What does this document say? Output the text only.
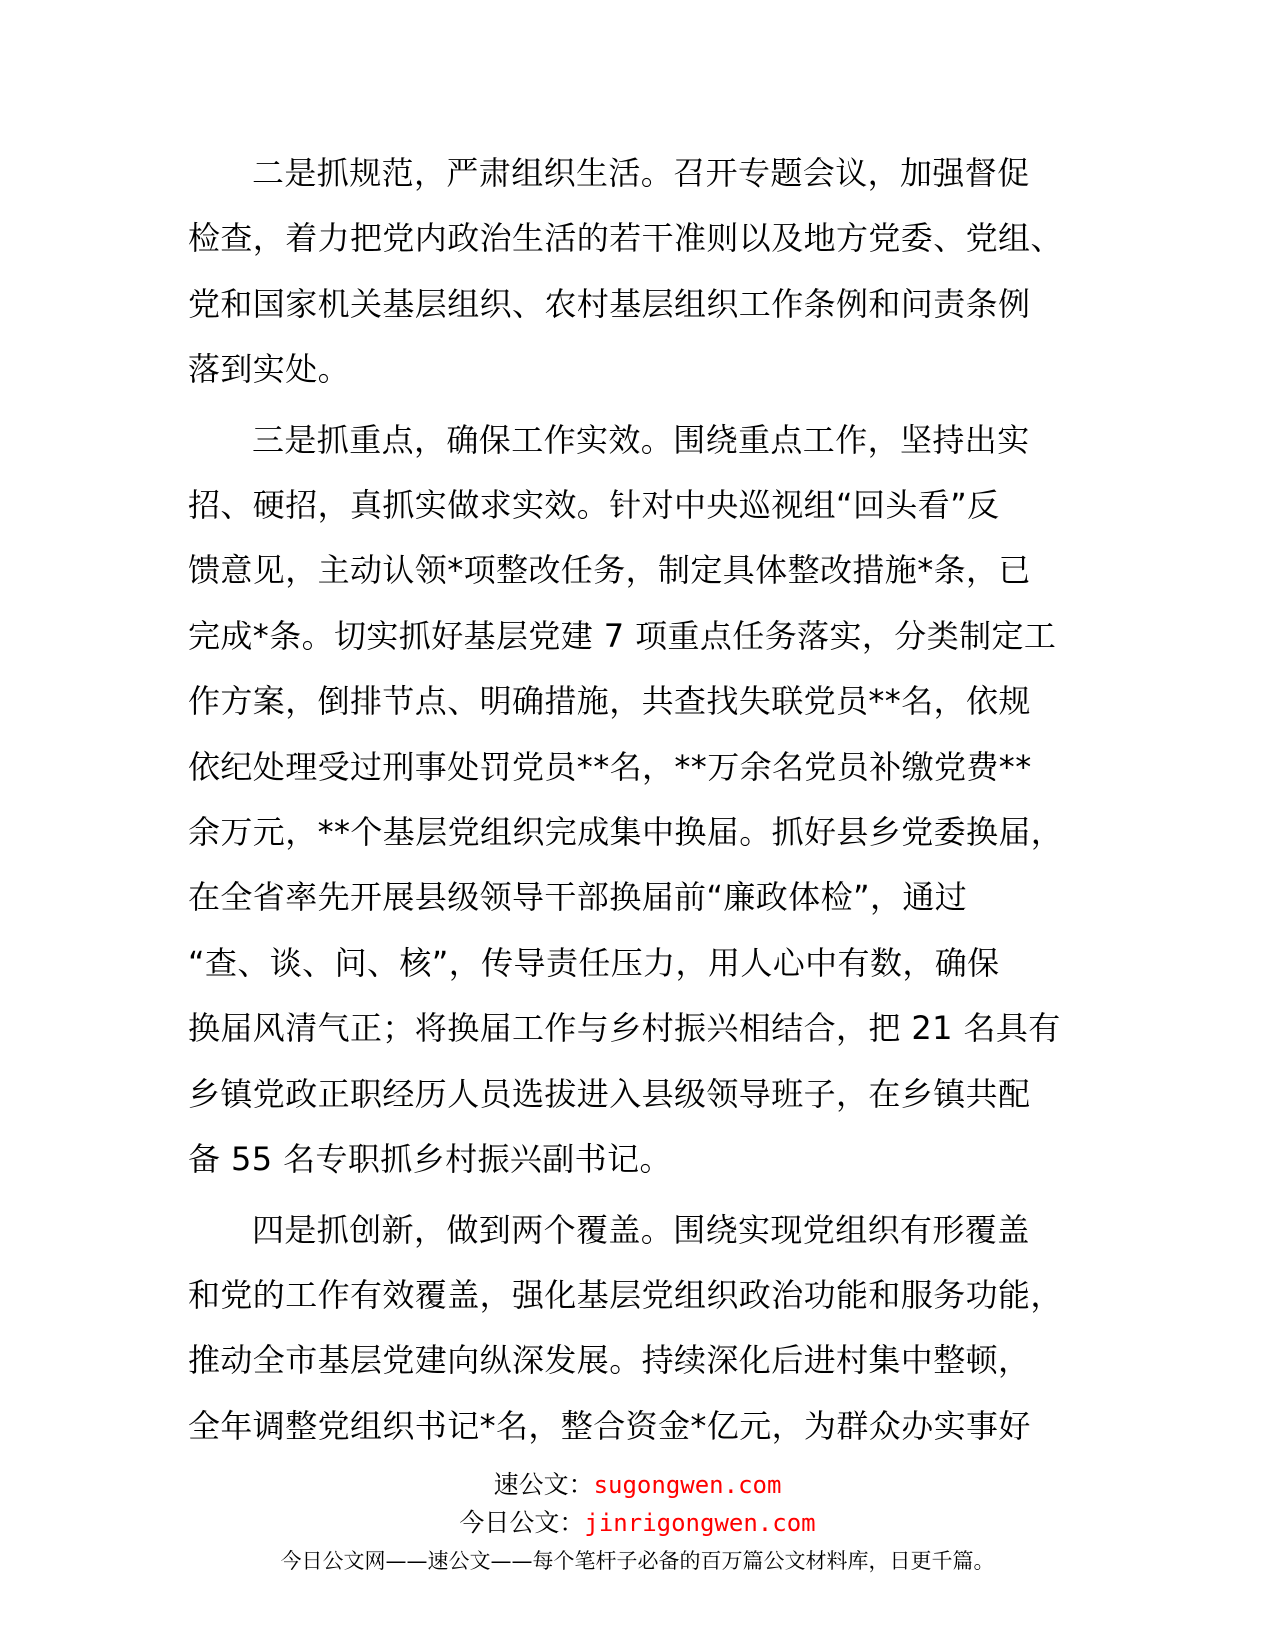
二是抓规范，严肃组织生活。召开专题会议，加强督促
检查，着力把党内政治生活的若干准则以及地方党委、党组、
党和国家机关基层组织、农村基层组织工作条例和问责条例
落到实处。

三是抓重点，确保工作实效。围绕重点工作，坚持出实
招、硬招，真抓实做求实效。针对中央巡视组“回头看”反
馈意见，主动认领*项整改任务，制定具体整改措施*条，已
完成*条。切实抓好基层党建 7 项重点任务落实，分类制定工
作方案，倒排节点、明确措施，共查找失联党员**名，依规
依纪处理受过刑事处罚党员**名，**万余名党员补缴党费**
余万元，**个基层党组织完成集中换届。抓好县乡党委换届，
在全省率先开展县级领导干部换届前“廉政体检”，通过
“查、谈、问、核”，传导责任压力，用人心中有数，确保
换届风清气正；将换届工作与乡村振兴相结合，把 21 名具有
乡镇党政正职经历人员选拔进入县级领导班子，在乡镇共配
备 55 名专职抓乡村振兴副书记。

四是抓创新，做到两个覆盖。围绕实现党组织有形覆盖
和党的工作有效覆盖，强化基层党组织政治功能和服务功能，
推动全市基层党建向纵深发展。持续深化后进村集中整顿，
全年调整党组织书记*名，整合资金*亿元，为群众办实事好

速公文：sugongwen.com
今日公文：jinrigongwen.com
今日公文网——速公文——每个笔杆子必备的百万篇公文材料库，日更千篇。
